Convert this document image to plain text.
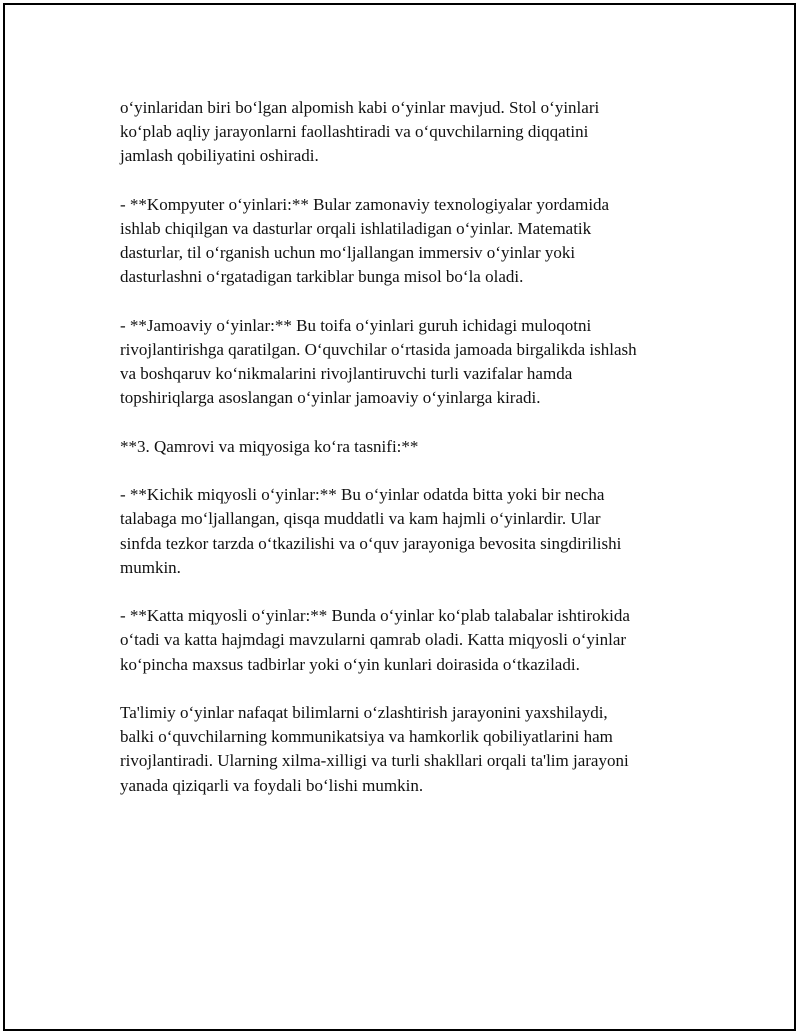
o‘yinlaridan biri bo‘lgan alpomish kabi o‘yinlar mavjud. Stol o‘yinlari
ko‘plab aqliy jarayonlarni faollashtiradi va o‘quvchilarning diqqatini
jamlash qobiliyatini oshiradi.

- **Kompyuter o‘yinlari:** Bular zamonaviy texnologiyalar yordamida
ishlab chiqilgan va dasturlar orqali ishlatiladigan o‘yinlar. Matematik
dasturlar, til o‘rganish uchun mo‘ljallangan immersiv o‘yinlar yoki
dasturlashni o‘rgatadigan tarkiblar bunga misol bo‘la oladi.

- **Jamoaviy o‘yinlar:** Bu toifa o‘yinlari guruh ichidagi muloqotni
rivojlantirishga qaratilgan. O‘quvchilar o‘rtasida jamoada birgalikda ishlash
va boshqaruv ko‘nikmalarini rivojlantiruvchi turli vazifalar hamda
topshiriqlarga asoslangan o‘yinlar jamoaviy o‘yinlarga kiradi.

**3. Qamrovi va miqyosiga ko‘ra tasnifi:**

- **Kichik miqyosli o‘yinlar:** Bu o‘yinlar odatda bitta yoki bir necha
talabaga mo‘ljallangan, qisqa muddatli va kam hajmli o‘yinlardir. Ular
sinfda tezkor tarzda o‘tkazilishi va o‘quv jarayoniga bevosita singdirilishi
mumkin.

- **Katta miqyosli o‘yinlar:** Bunda o‘yinlar ko‘plab talabalar ishtirokida
o‘tadi va katta hajmdagi mavzularni qamrab oladi. Katta miqyosli o‘yinlar
ko‘pincha maxsus tadbirlar yoki o‘yin kunlari doirasida o‘tkaziladi.

Ta'limiy o‘yinlar nafaqat bilimlarni o‘zlashtirish jarayonini yaxshilaydi,
balki o‘quvchilarning kommunikatsiya va hamkorlik qobiliyatlarini ham
rivojlantiradi. Ularning xilma-xilligi va turli shakllari orqali ta'lim jarayoni
yanada qiziqarli va foydali bo‘lishi mumkin.
